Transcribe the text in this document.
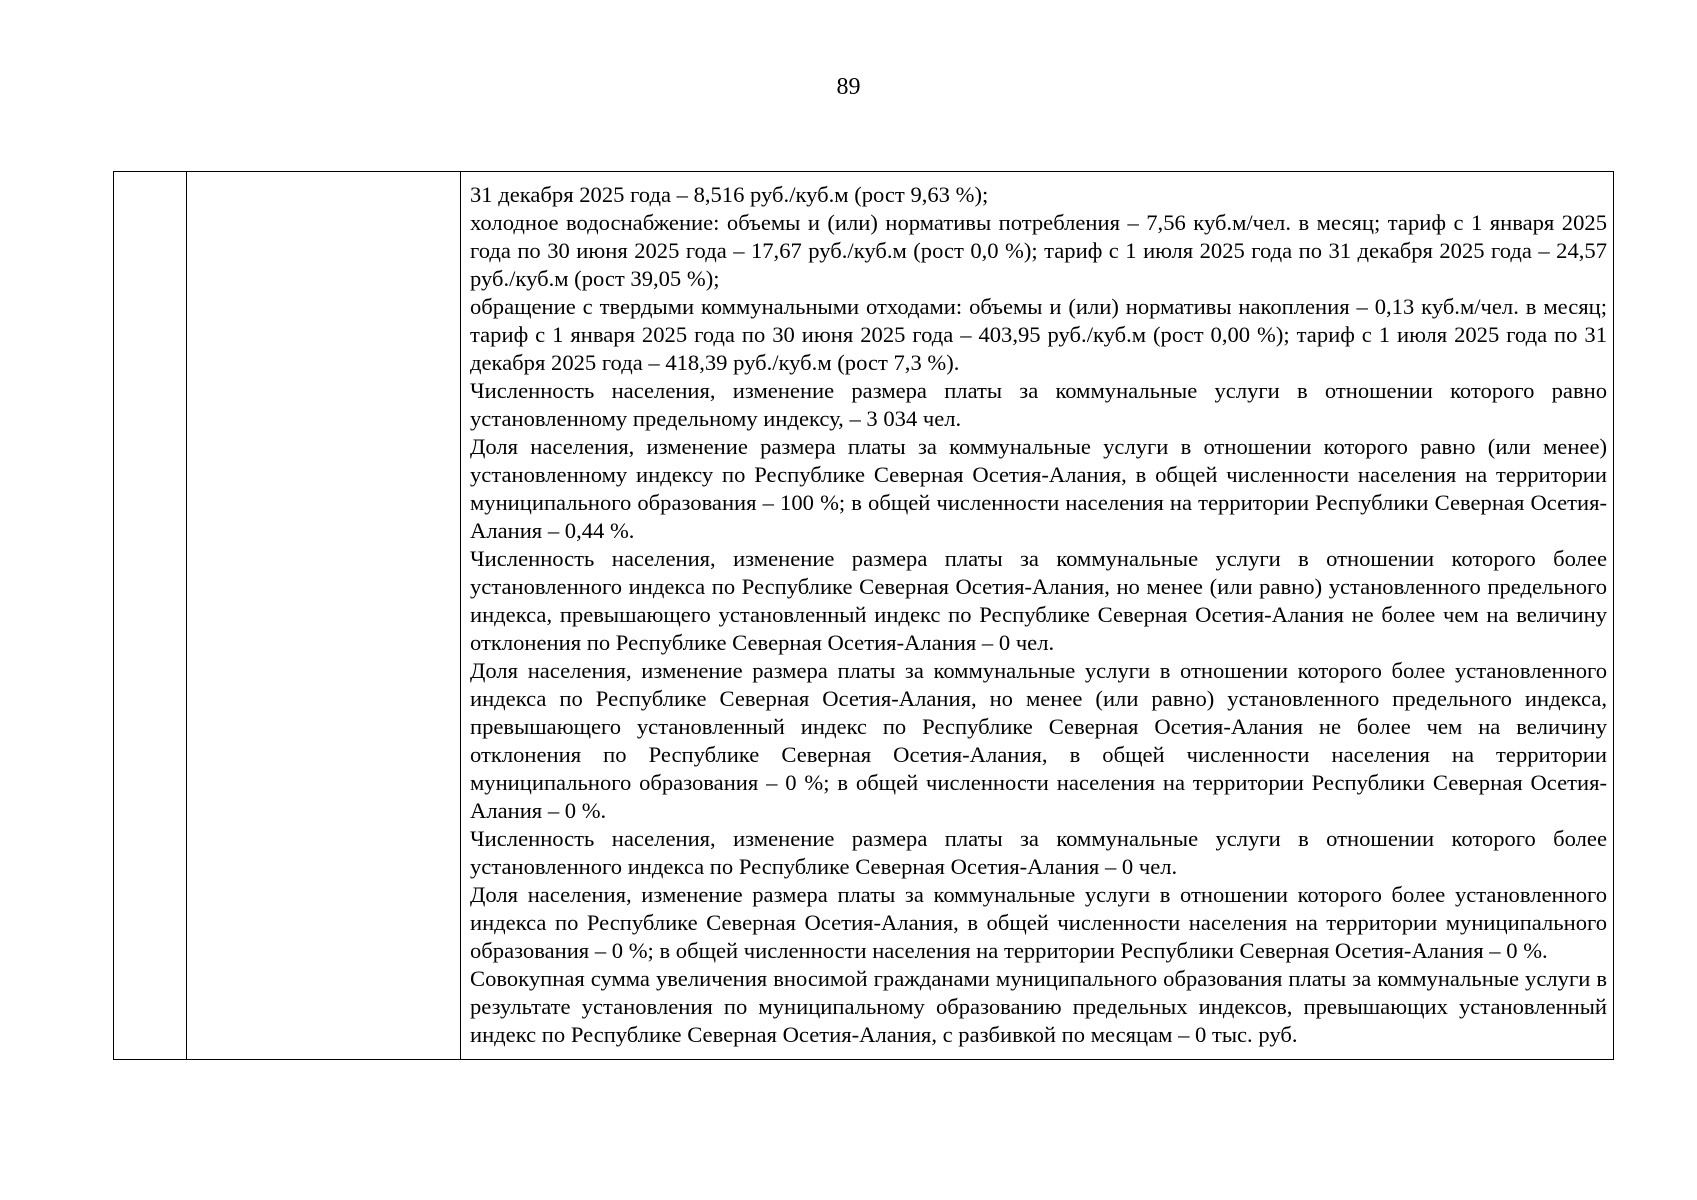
89

31 декабря 2025 года – 8,516 руб./куб.м (рост 9,63 %);

холодное водоснабжение: объемы и (или) нормативы потребления – 7,56 куб.м/чел. в месяц; тариф с 1 января 2025 года по 30 июня 2025 года – 17,67 руб./куб.м (рост 0,0 %); тариф с 1 июля 2025 года по 31 декабря 2025 года – 24,57 руб./куб.м (рост 39,05 %);

обращение с твердыми коммунальными отходами: объемы и (или) нормативы накопления – 0,13 куб.м/чел. в месяц; тариф с 1 января 2025 года по 30 июня 2025 года – 403,95 руб./куб.м (рост 0,00 %); тариф с 1 июля 2025 года по 31 декабря 2025 года – 418,39 руб./куб.м (рост 7,3 %).

Численность населения, изменение размера платы за коммунальные услуги в отношении которого равно установленному предельному индексу, – 3 034 чел.

Доля населения, изменение размера платы за коммунальные услуги в отношении которого равно (или менее) установленному индексу по Республике Северная Осетия-Алания, в общей численности населения на территории муниципального образования – 100 %; в общей численности населения на территории Республики Северная Осетия-Алания – 0,44 %.

Численность населения, изменение размера платы за коммунальные услуги в отношении которого более установленного индекса по Республике Северная Осетия-Алания, но менее (или равно) установленного предельного индекса, превышающего установленный индекс по Республике Северная Осетия-Алания не более чем на величину отклонения по Республике Северная Осетия-Алания – 0 чел.

Доля населения, изменение размера платы за коммунальные услуги в отношении которого более установленного индекса по Республике Северная Осетия-Алания, но менее (или равно) установленного предельного индекса, превышающего установленный индекс по Республике Северная Осетия-Алания не более чем на величину отклонения по Республике Северная Осетия-Алания, в общей численности населения на территории муниципального образования – 0 %; в общей численности населения на территории Республики Северная Осетия-Алания – 0 %.

Численность населения, изменение размера платы за коммунальные услуги в отношении которого более установленного индекса по Республике Северная Осетия-Алания – 0 чел.

Доля населения, изменение размера платы за коммунальные услуги в отношении которого более установленного индекса по Республике Северная Осетия-Алания, в общей численности населения на территории муниципального образования – 0 %; в общей численности населения на территории Республики Северная Осетия-Алания – 0 %.

Совокупная сумма увеличения вносимой гражданами муниципального образования платы за коммунальные услуги в результате установления по муниципальному образованию предельных индексов, превышающих установленный индекс по Республике Северная Осетия-Алания, с разбивкой по месяцам – 0 тыс. руб.
